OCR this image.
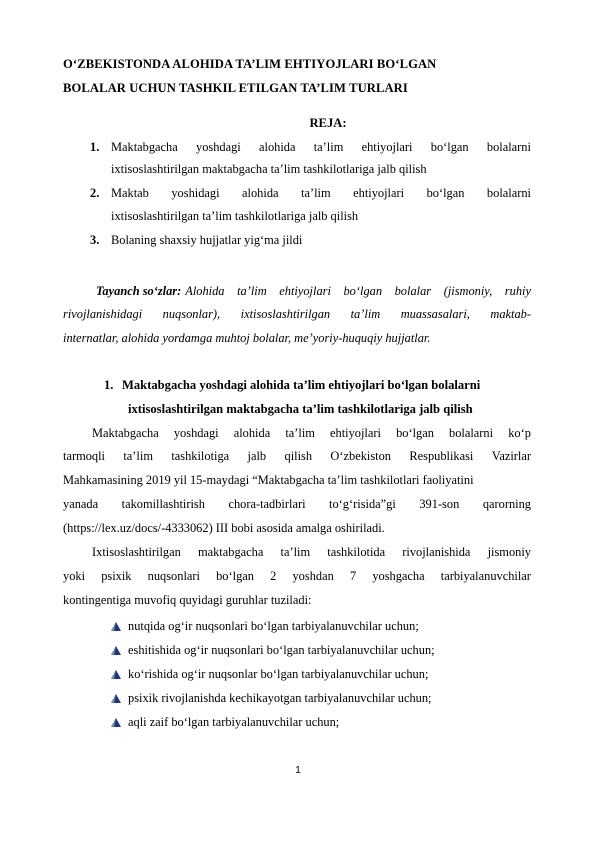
O‘ZBEKISTONDA ALOHIDA TA’LIM EHTIYOJLARI BO‘LGAN
BOLALAR UCHUN TASHKIL ETILGAN TA’LIM TURLARI
REJA:
1. Maktabgacha yoshdagi alohida ta’lim ehtiyojlari bo‘lgan bolalarni
ixtisoslashtirilgan maktabgacha ta’lim tashkilotlariga jalb qilish
2. Maktab yoshidagi alohida ta’lim ehtiyojlari bo‘lgan bolalarni
ixtisoslashtirilgan ta’lim tashkilotlariga jalb qilish
3. Bolaning shaxsiy hujjatlar yig‘ma jildi
Tayanch so‘zlar: Alohida ta’lim ehtiyojlari bo‘lgan bolalar (jismoniy, ruhiy
rivojlanishidagi nuqsonlar), ixtisoslashtirilgan ta’lim muassasalari, maktab-
internatlar, alohida yordamga muhtoj bolalar, me’yoriy-huquqiy hujjatlar.
1. Maktabgacha yoshdagi alohida ta’lim ehtiyojlari bo‘lgan bolalarni
ixtisoslashtirilgan maktabgacha ta’lim tashkilotlariga jalb qilish
Maktabgacha yoshdagi alohida ta’lim ehtiyojlari bo‘lgan bolalarni ko‘p
tarmoqli ta’lim tashkilotiga jalb qilish O‘zbekiston Respublikasi Vazirlar
Mahkamasining 2019 yil 15-maydagi “Maktabgacha ta’lim tashkilotlari faoliyatini
yanada takomillashtirish chora-tadbirlari to‘g‘risida”gi 391-son qarorning
(https://lex.uz/docs/-4333062) III bobi asosida amalga oshiriladi.
Ixtisoslashtirilgan maktabgacha ta’lim tashkilotida rivojlanishida jismoniy
yoki psixik nuqsonlari bo‘lgan 2 yoshdan 7 yoshgacha tarbiyalanuvchilar
kontingentiga muvofiq quyidagi guruhlar tuziladi:
nutqida og‘ir nuqsonlari bo‘lgan tarbiyalanuvchilar uchun;
eshitishida og‘ir nuqsonlari bo‘lgan tarbiyalanuvchilar uchun;
ko‘rishida og‘ir nuqsonlar bo‘lgan tarbiyalanuvchilar uchun;
psixik rivojlanishda kechikayotgan tarbiyalanuvchilar uchun;
aqli zaif bo‘lgan tarbiyalanuvchilar uchun;
1
